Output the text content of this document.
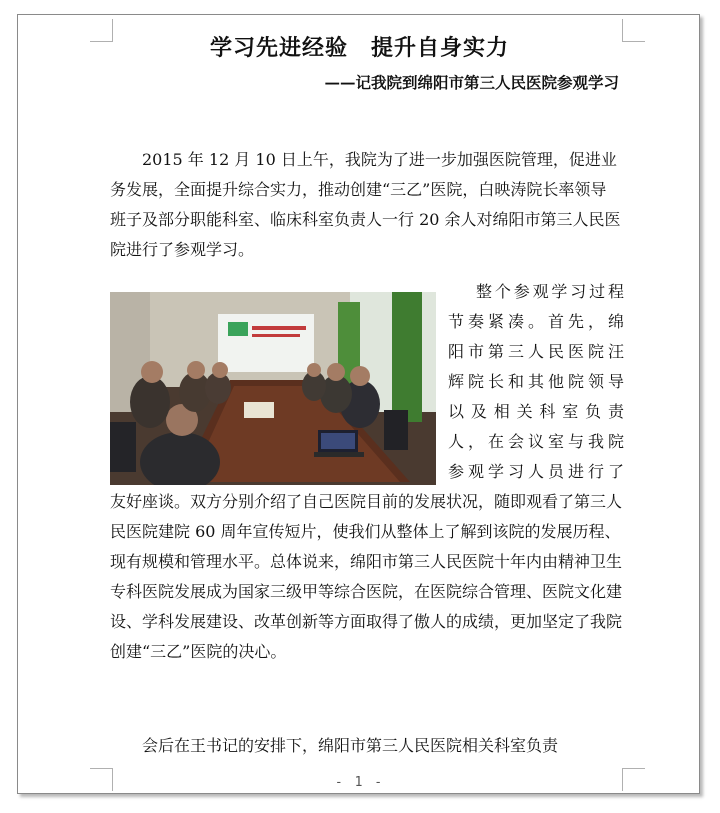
学习先进经验　提升自身实力
——记我院到绵阳市第三人民医院参观学习

2015 年 12 月 10 日上午，我院为了进一步加强医院管理，促进业务发展，全面提升综合实力，推动创建“三乙”医院，白映涛院长率领导班子及部分职能科室、临床科室负责人一行 20 余人对绵阳市第三人民医院进行了参观学习。

整个参观学习过程
节奏紧凑。首先，绵
阳市第三人民医院汪
辉院长和其他院领导
以及相关科室负责
人，在会议室与我院
参观学习人员进行了

友好座谈。双方分别介绍了自己医院目前的发展状况，随即观看了第三人民医院建院 60 周年宣传短片，使我们从整体上了解到该院的发展历程、现有规模和管理水平。总体说来，绵阳市第三人民医院十年内由精神卫生专科医院发展成为国家三级甲等综合医院，在医院综合管理、医院文化建设、学科发展建设、改革创新等方面取得了傲人的成绩，更加坚定了我院创建“三乙”医院的决心。

会后在王书记的安排下，绵阳市第三人民医院相关科室负责

- 1 -
